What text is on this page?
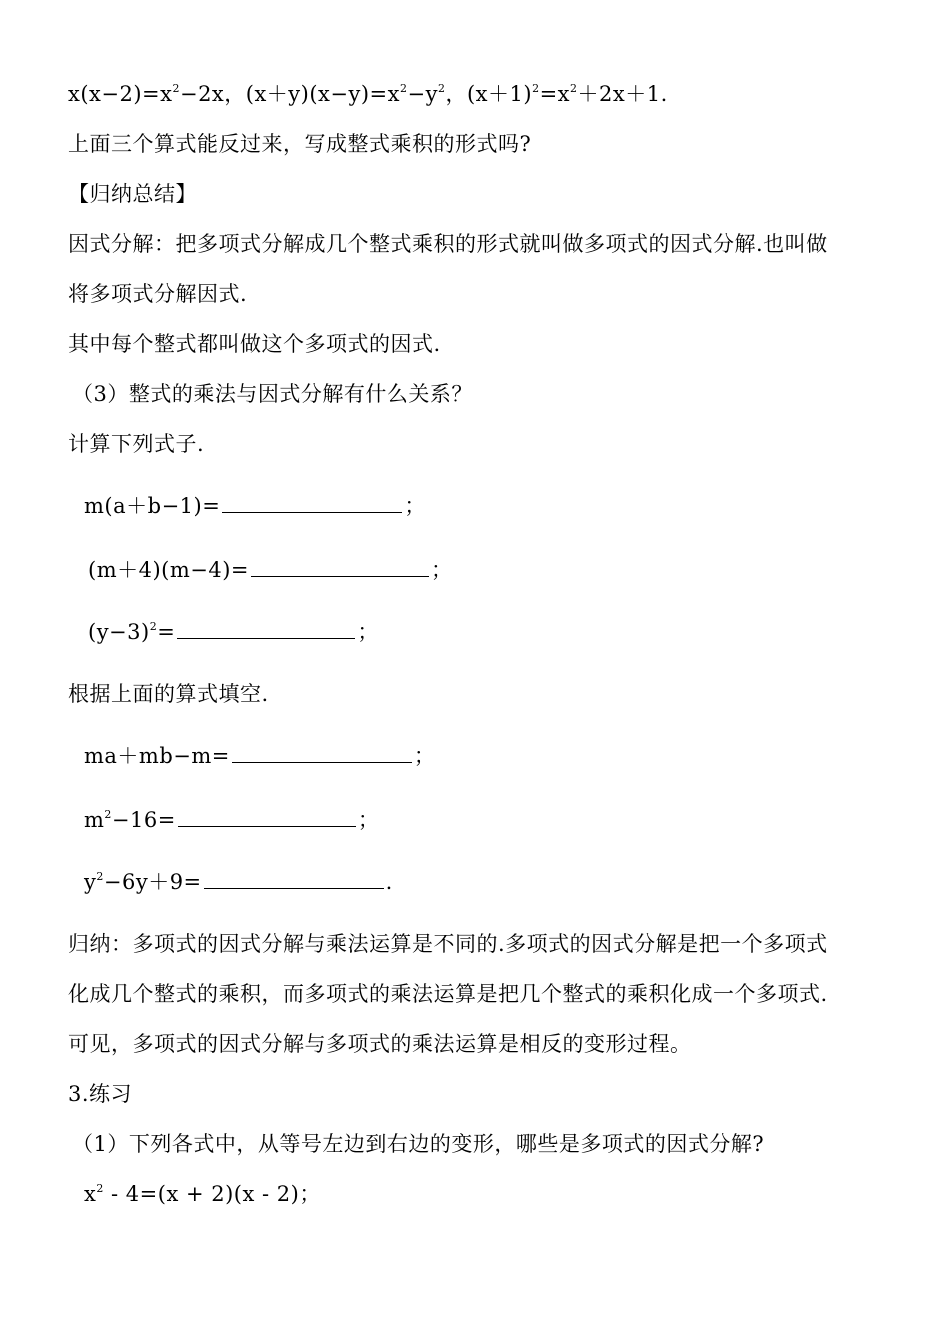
$x(x-2)=x^2-2x$，$(x+y)(x-y)=x^2-y^2$，$(x+1)^2=x^2+2x+1$.
上面三个算式能反过来，写成整式乘积的形式吗?
【归纳总结】
因式分解：把多项式分解成几个整式乘积的形式就叫做多项式的因式分解.也叫做
将多项式分解因式.
其中每个整式都叫做这个多项式的因式.
（3）整式的乘法与因式分解有什么关系？
计算下列式子.
m(a＋b−1)=	；
(m＋4)(m−4)=	；
$(y-3)^2=$	；
根据上面的算式填空.
ma＋mb−m=	；
$m^2-16=$	；
$y^2-6y+9=$	.
归纳：多项式的因式分解与乘法运算是不同的.多项式的因式分解是把一个多项式
化成几个整式的乘积，而多项式的乘法运算是把几个整式的乘积化成一个多项式.
可见，多项式的因式分解与多项式的乘法运算是相反的变形过程。
3.练习
（1）下列各式中，从等号左边到右边的变形，哪些是多项式的因式分解?
$x^2 - 4=(x + 2)(x - 2)$；
